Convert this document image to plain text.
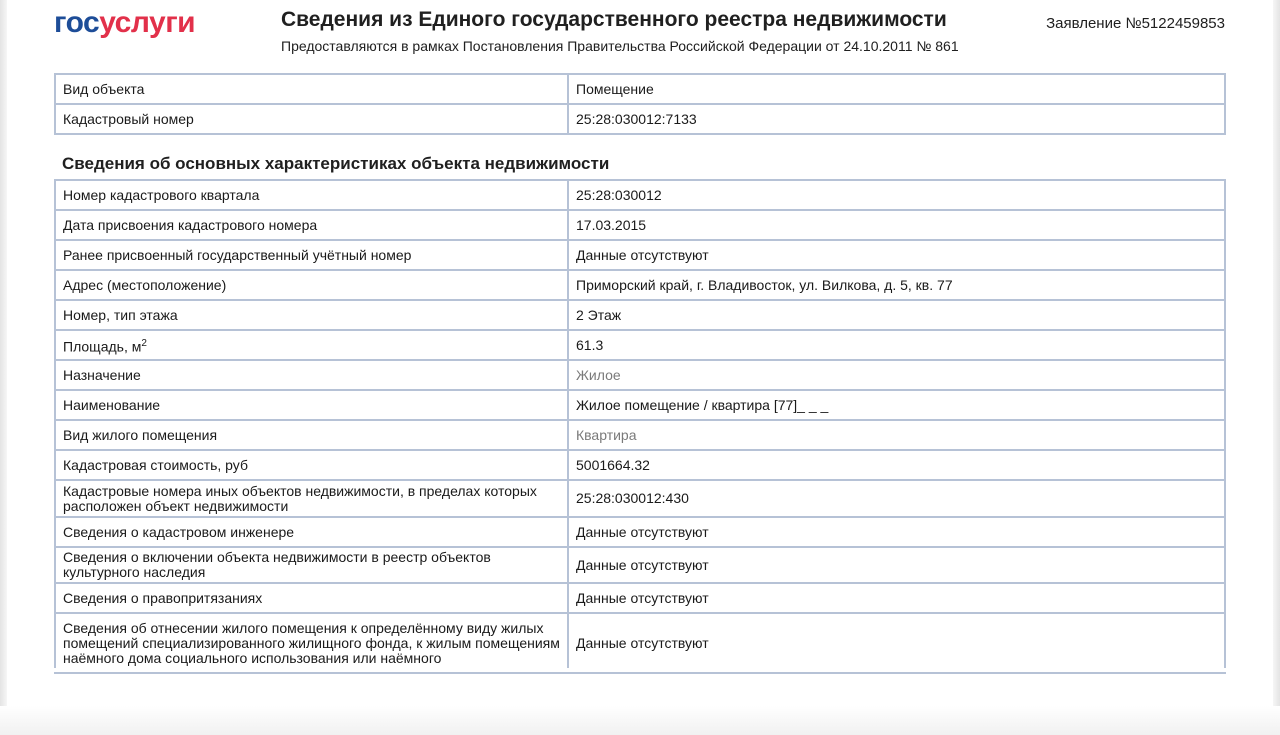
госуслуги	Сведения из Единого государственного реестра недвижимости
Предоставляются в рамках Постановления Правительства Российской Федерации от 24.10.2011 № 861
Заявление №5122459853
Вид объекта	Помещение
Кадастровый номер	25:28:030012:7133
Сведения об основных характеристиках объекта недвижимости
Номер кадастрового квартала	25:28:030012
Дата присвоения кадастрового номера	17.03.2015
Ранее присвоенный государственный учётный номер	Данные отсутствуют
Адрес (местоположение)	Приморский край, г. Владивосток, ул. Вилкова, д. 5, кв. 77
Номер, тип этажа	2 Этаж
Площадь, $м^2$	61.3
Назначение	Жилое
Наименование	Жилое помещение / квартира [77]_ _ _
Вид жилого помещения	Квартира
Кадастровая стоимость, руб	5001664.32
Кадастровые номера иных объектов недвижимости, в пределах которых расположен объект недвижимости	25:28:030012:430
Сведения о кадастровом инженере	Данные отсутствуют
Сведения о включении объекта недвижимости в реестр объектов культурного наследия	Данные отсутствуют
Сведения о правопритязаниях	Данные отсутствуют
Сведения об отнесении жилого помещения к определённому виду жилых помещений специализированного жилищного фонда, к жилым помещениям наёмного дома социального использования или наёмного	Данные отсутствуют
